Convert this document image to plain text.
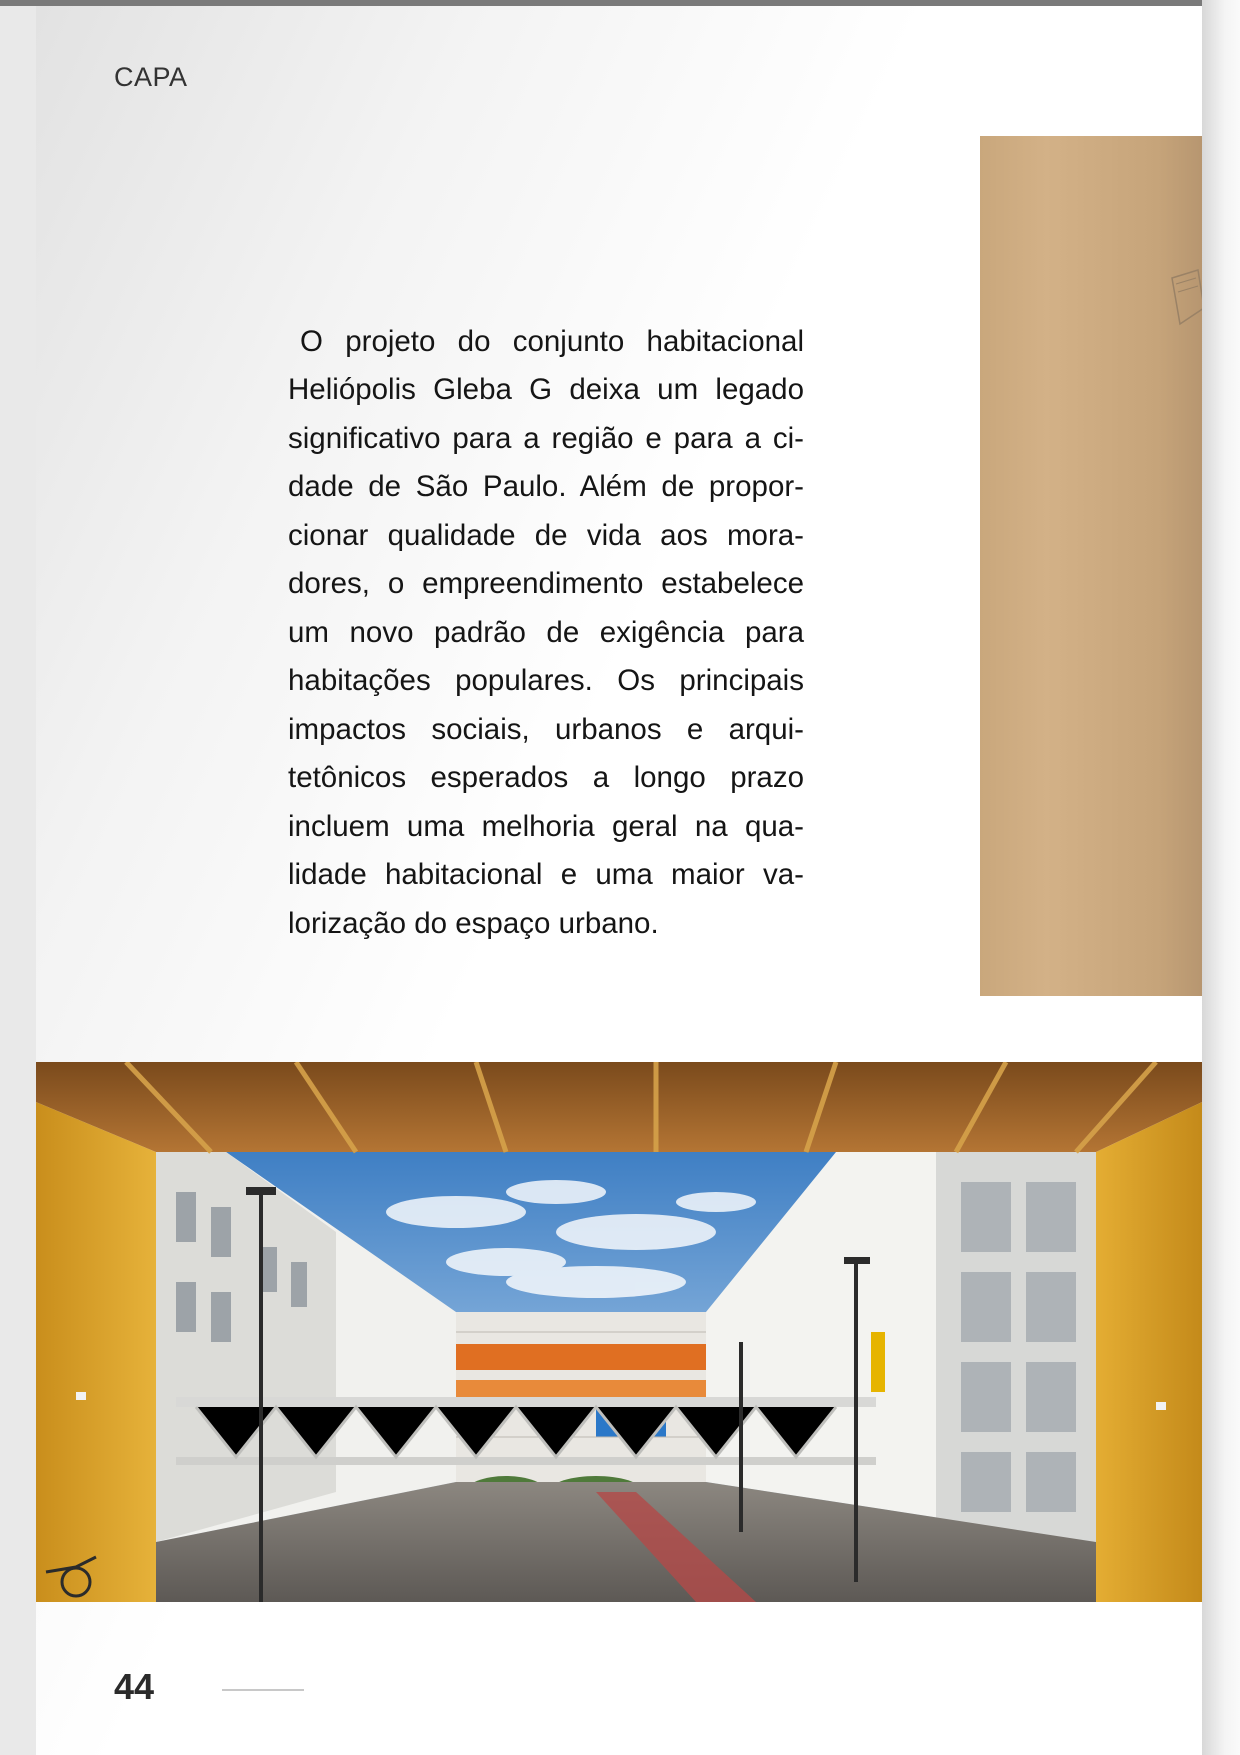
CAPA

O projeto do conjunto habitacional Heliópolis Gleba G deixa um legado significativo para a região e para a cidade de São Paulo. Além de proporcionar qualidade de vida aos moradores, o empreendimento estabelece um novo padrão de exigência para habitações populares. Os principais impactos sociais, urbanos e arquitetônicos esperados a longo prazo incluem uma melhoria geral na qualidade habitacional e uma maior valorização do espaço urbano.

44
